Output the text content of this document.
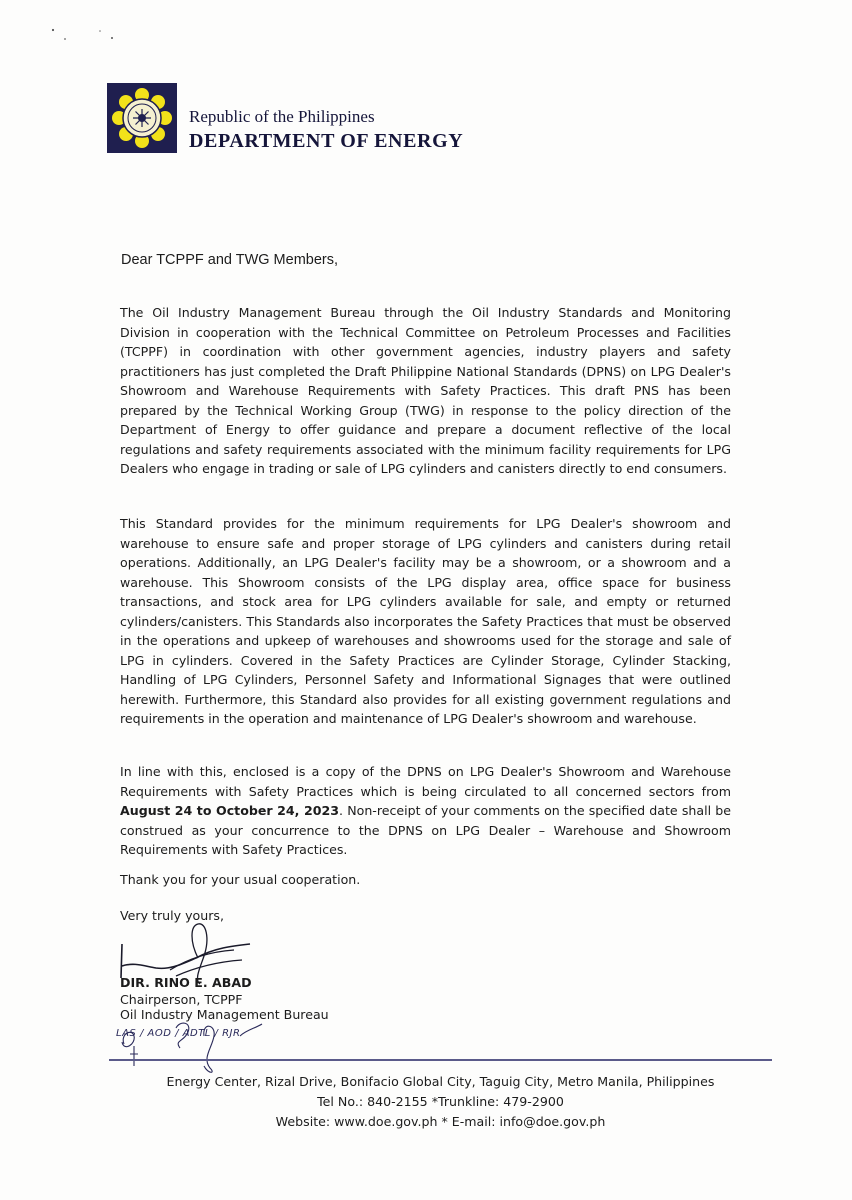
Republic of the Philippines
DEPARTMENT OF ENERGY
Dear TCPPF and TWG Members,

The Oil Industry Management Bureau through the Oil Industry Standards and Monitoring Division in cooperation with the Technical Committee on Petroleum Processes and Facilities (TCPPF) in coordination with other government agencies, industry players and safety practitioners has just completed the Draft Philippine National Standards (DPNS) on LPG Dealer's Showroom and Warehouse Requirements with Safety Practices. This draft PNS has been prepared by the Technical Working Group (TWG) in response to the policy direction of the Department of Energy to offer guidance and prepare a document reflective of the local regulations and safety requirements associated with the minimum facility requirements for LPG Dealers who engage in trading or sale of LPG cylinders and canisters directly to end consumers.

This Standard provides for the minimum requirements for LPG Dealer's showroom and warehouse to ensure safe and proper storage of LPG cylinders and canisters during retail operations. Additionally, an LPG Dealer's facility may be a showroom, or a showroom and a warehouse. This Showroom consists of the LPG display area, office space for business transactions, and stock area for LPG cylinders available for sale, and empty or returned cylinders/canisters. This Standards also incorporates the Safety Practices that must be observed in the operations and upkeep of warehouses and showrooms used for the storage and sale of LPG in cylinders. Covered in the Safety Practices are Cylinder Storage, Cylinder Stacking, Handling of LPG Cylinders, Personnel Safety and Informational Signages that were outlined herewith. Furthermore, this Standard also provides for all existing government regulations and requirements in the operation and maintenance of LPG Dealer's showroom and warehouse.

In line with this, enclosed is a copy of the DPNS on LPG Dealer's Showroom and Warehouse Requirements with Safety Practices which is being circulated to all concerned sectors from August 24 to October 24, 2023. Non-receipt of your comments on the specified date shall be construed as your concurrence to the DPNS on LPG Dealer – Warehouse and Showroom Requirements with Safety Practices.

Thank you for your usual cooperation.

Very truly yours,

DIR. RINO E. ABAD
Chairperson, TCPPF
Oil Industry Management Bureau
LAS / AOD / ADTL / RJR
Energy Center, Rizal Drive, Bonifacio Global City, Taguig City, Metro Manila, Philippines
Tel No.: 840-2155 *Trunkline: 479-2900
Website: www.doe.gov.ph * E-mail: info@doe.gov.ph
